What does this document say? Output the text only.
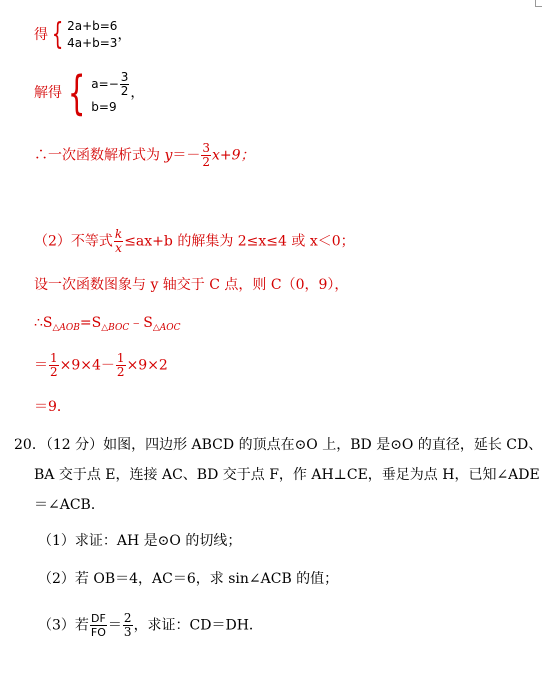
得 { 2a+b=6
4a+b=3 ，
解得 { $a=- \frac{3}{2}$
b=9
，
∴一次函数解析式为 $y=- \frac{3}{2} x+9$；
（2）不等式 $\frac{k}{x} \le ax+b$ 的解集为 2≤x≤4 或 x＜0；
设一次函数图象与 y 轴交于 C 点，则 C（0，9），
$\therefore S_{\triangle AOB}=S_{\triangle BOC}﹣S_{\triangle AOC}$
＝ $\frac{1}{2} \times 9\times 4- \frac{1}{2} \times 9\times 2$
＝9．
20．（12 分）如图，四边形 ABCD 的顶点在⊙O 上，BD 是⊙O 的直径，延长 CD、
BA 交于点 E，连接 AC、BD 交于点 F，作 AH⊥CE，垂足为点 H，已知∠ADE
＝∠ACB．
（1）求证：AH 是⊙O 的切线；
（2）若 OB＝4，AC＝6，求 sin∠ACB 的值；
（3）若 $\frac{DF}{FO} = \frac{2}{3}$ ，求证：CD＝DH．
